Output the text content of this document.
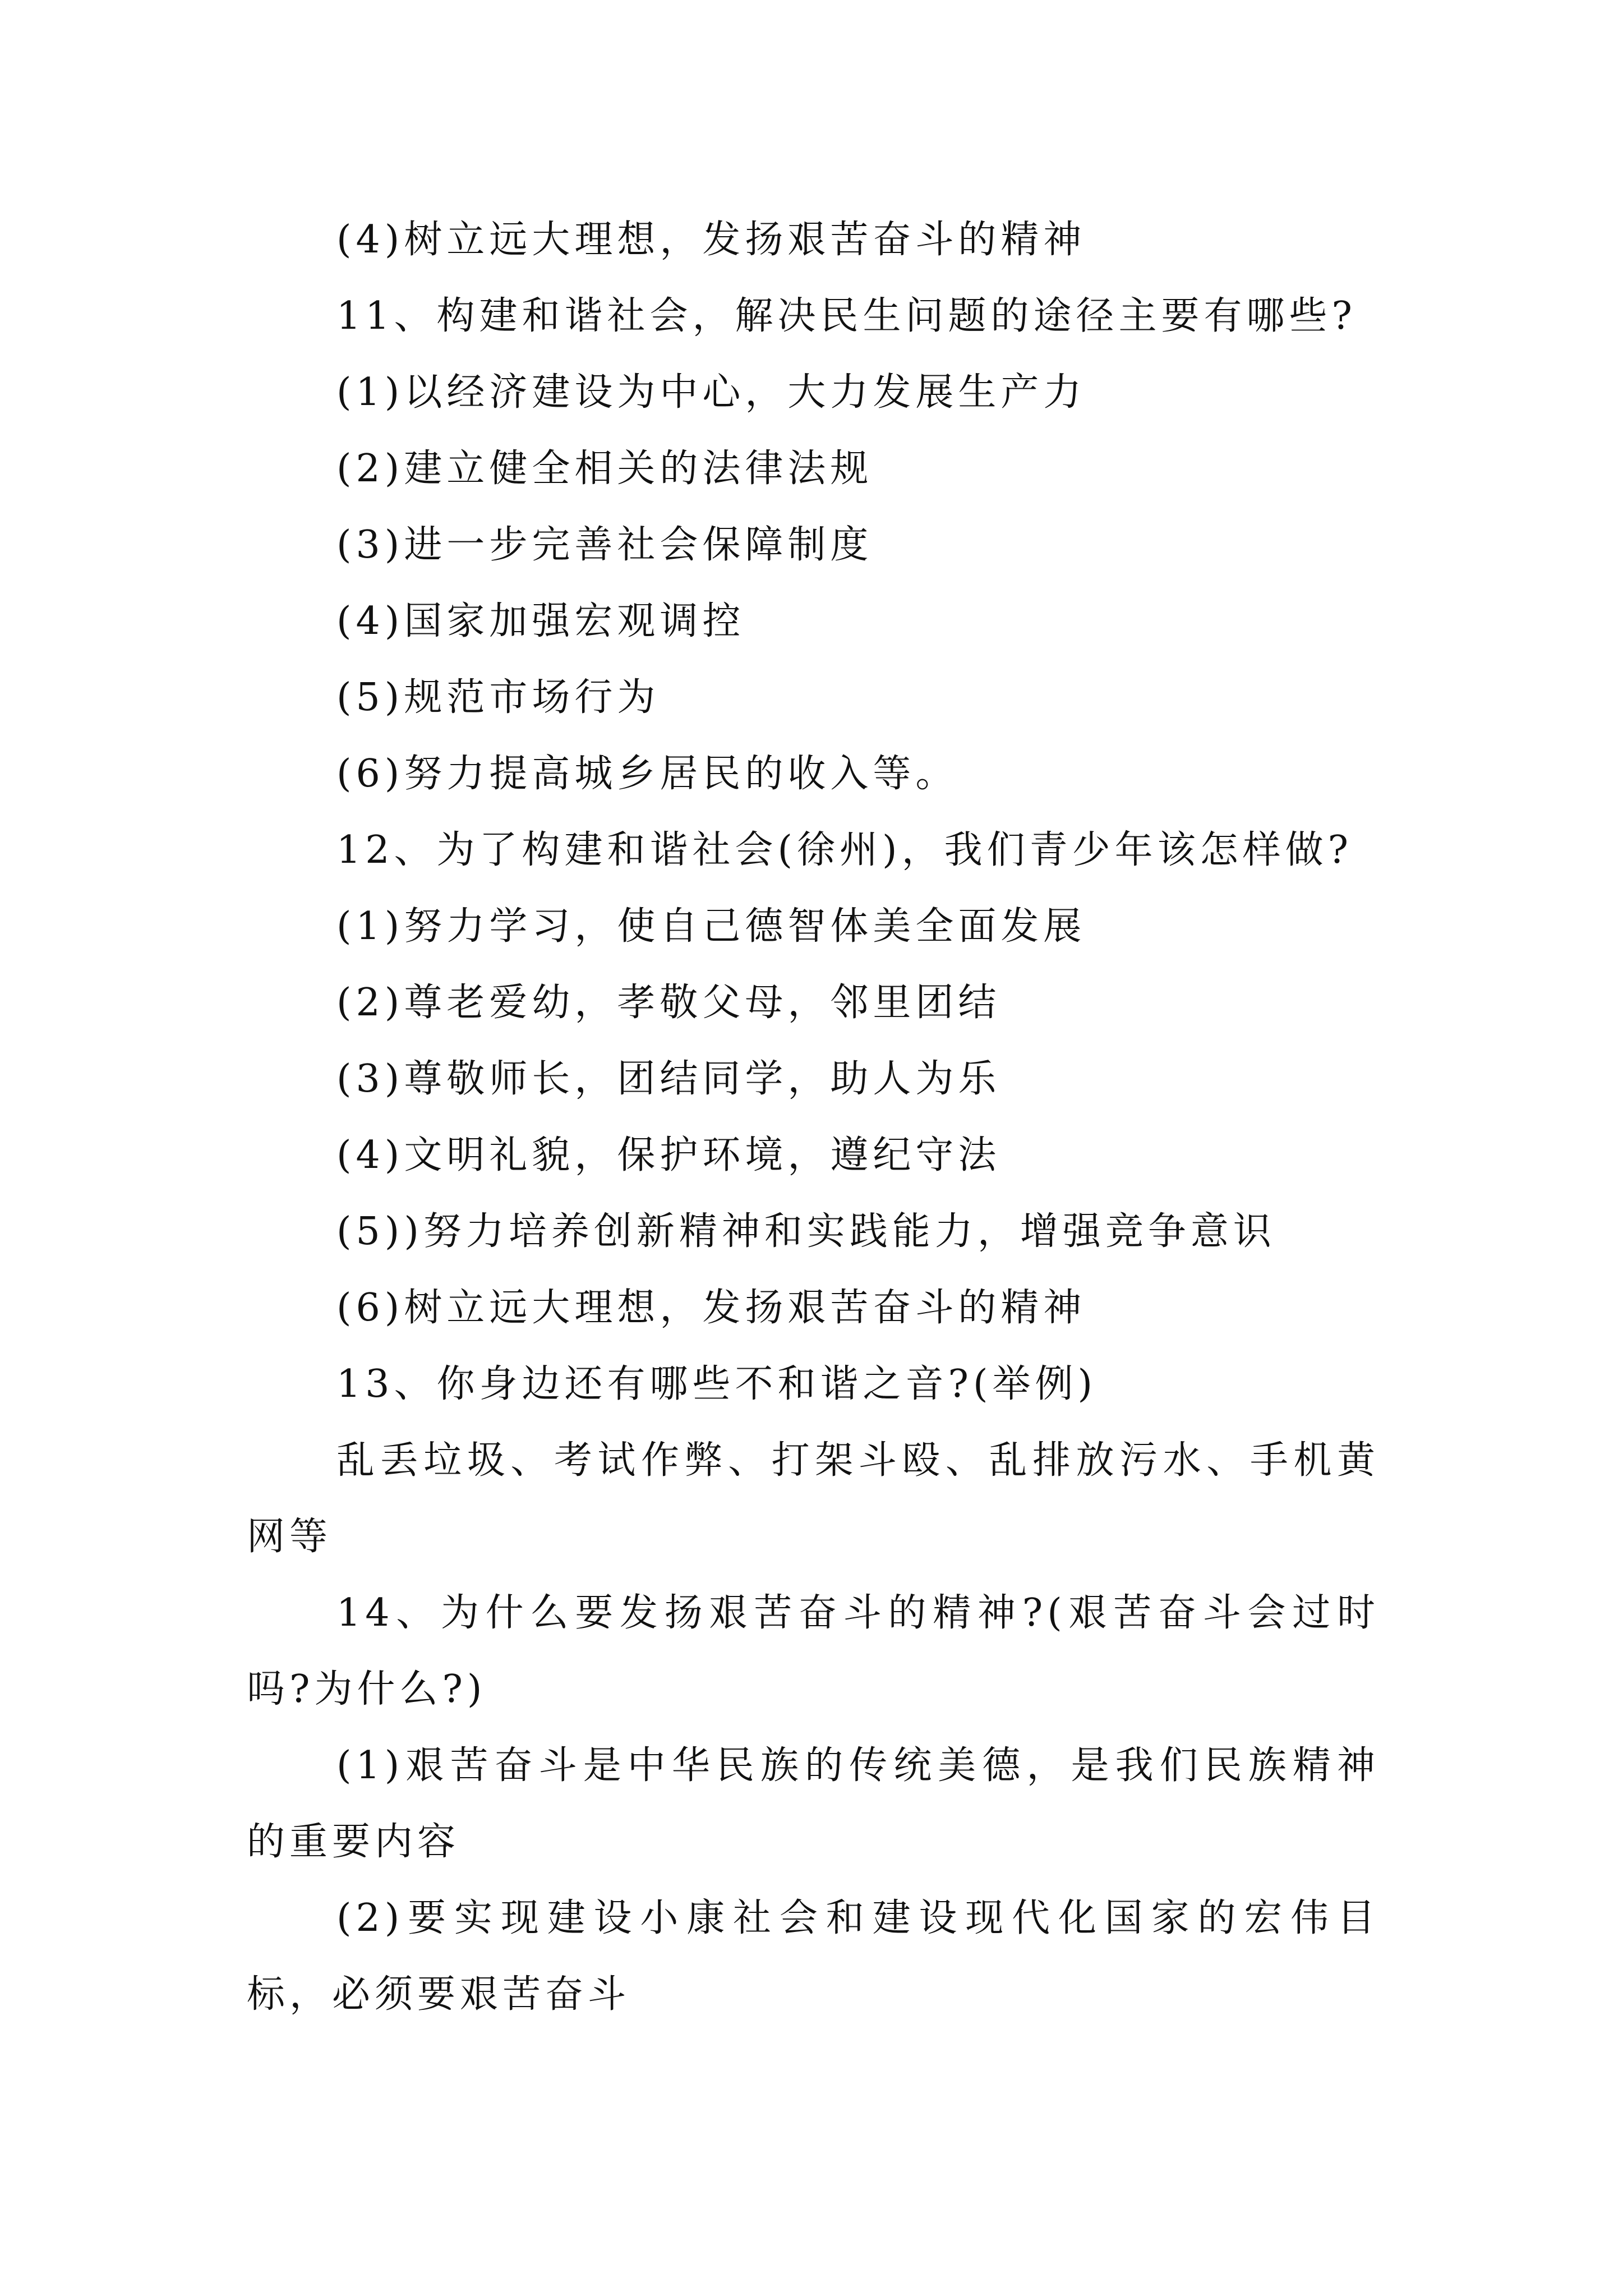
(4)树立远大理想，发扬艰苦奋斗的精神

11、构建和谐社会，解决民生问题的途径主要有哪些?

(1)以经济建设为中心，大力发展生产力

(2)建立健全相关的法律法规

(3)进一步完善社会保障制度

(4)国家加强宏观调控

(5)规范市场行为

(6)努力提高城乡居民的收入等。

12、为了构建和谐社会(徐州)，我们青少年该怎样做?

(1)努力学习，使自己德智体美全面发展

(2)尊老爱幼，孝敬父母，邻里团结

(3)尊敬师长，团结同学，助人为乐

(4)文明礼貌，保护环境，遵纪守法

(5))努力培养创新精神和实践能力，增强竞争意识

(6)树立远大理想，发扬艰苦奋斗的精神

13、你身边还有哪些不和谐之音?(举例)

乱丢垃圾、考试作弊、打架斗殴、乱排放污水、手机黄网等

14、为什么要发扬艰苦奋斗的精神?(艰苦奋斗会过时吗?为什么?)

(1)艰苦奋斗是中华民族的传统美德，是我们民族精神的重要内容

(2)要实现建设小康社会和建设现代化国家的宏伟目标，必须要艰苦奋斗
